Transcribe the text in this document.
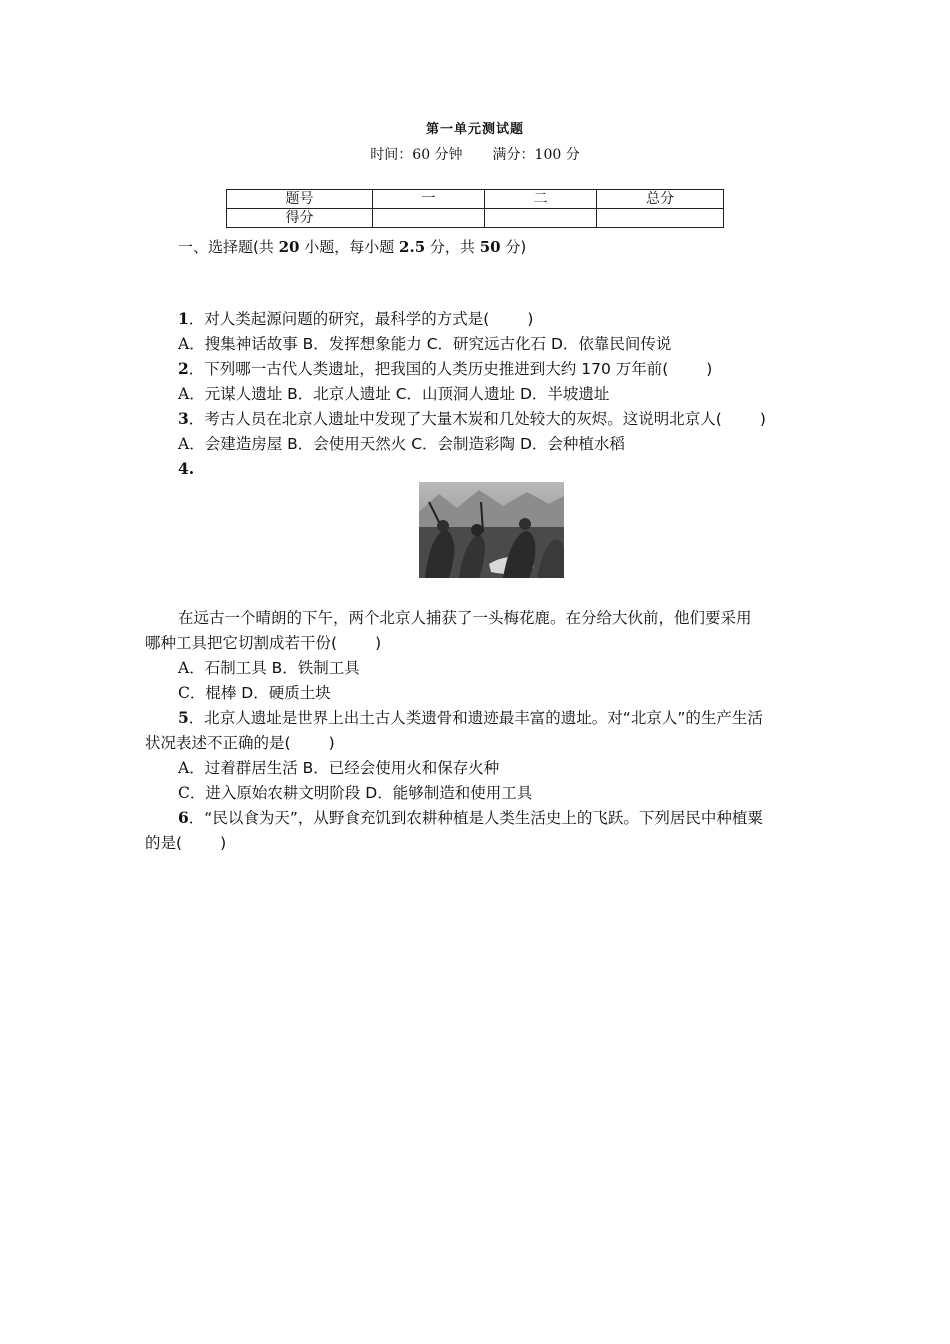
第一单元测试题
时间：60 分钟 满分：100 分
题号	一	二	总分
得分			
一、选择题(共 20 小题，每小题 2.5 分，共 50 分)
1．对人类起源问题的研究，最科学的方式是( )
A．搜集神话故事 B．发挥想象能力 C．研究远古化石 D．依靠民间传说
2．下列哪一古代人类遗址，把我国的人类历史推进到大约 170 万年前( )
A．元谋人遗址 B．北京人遗址 C．山顶洞人遗址 D．半坡遗址
3．考古人员在北京人遗址中发现了大量木炭和几处较大的灰烬。这说明北京人( )
A．会建造房屋 B．会使用天然火 C．会制造彩陶 D．会种植水稻
4.
在远古一个晴朗的下午，两个北京人捕获了一头梅花鹿。在分给大伙前，他们要采用
哪种工具把它切割成若干份( )
A．石制工具 B．铁制工具
C．棍棒 D．硬质土块
5．北京人遗址是世界上出土古人类遗骨和遗迹最丰富的遗址。对“北京人”的生产生活
状况表述不正确的是( )
A．过着群居生活 B．已经会使用火和保存火种
C．进入原始农耕文明阶段 D．能够制造和使用工具
6．“民以食为天”，从野食充饥到农耕种植是人类生活史上的飞跃。下列居民中种植粟
的是( )
